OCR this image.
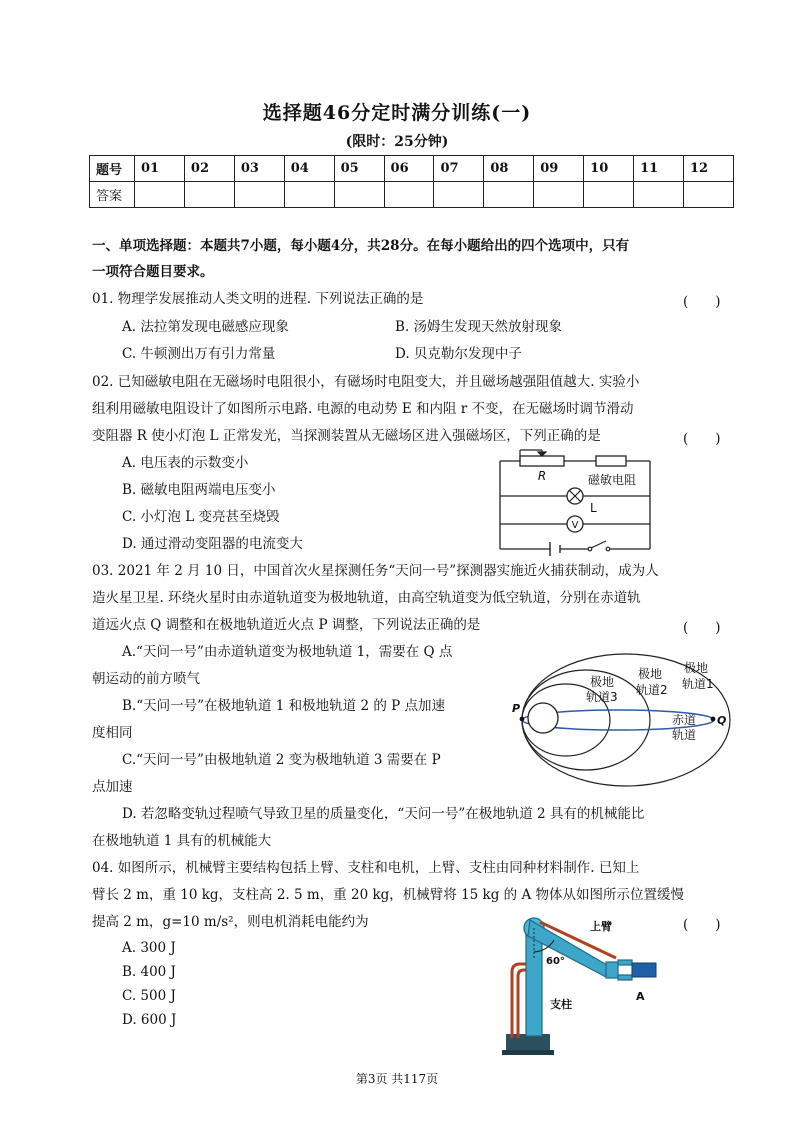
选择题46分定时满分训练(一)
(限时：25分钟)
题号	01	02	03	04	05	06	07	08	09	10	11	12
答案												
一、单项选择题：本题共7小题，每小题4分，共28分。在每小题给出的四个选项中，只有
一项符合题目要求。
01. 物理学发展推动人类文明的进程. 下列说法正确的是	(　　)
A. 法拉第发现电磁感应现象	B. 汤姆生发现天然放射现象
C. 牛顿测出万有引力常量	D. 贝克勒尔发现中子
02. 已知磁敏电阻在无磁场时电阻很小，有磁场时电阻变大，并且磁场越强阻值越大. 实验小
组利用磁敏电阻设计了如图所示电路. 电源的电动势 E 和内阻 r 不变，在无磁场时调节滑动
变阻器 R 使小灯泡 L 正常发光，当探测装置从无磁场区进入强磁场区，下列正确的是	(　　)
A. 电压表的示数变小
B. 磁敏电阻两端电压变小
C. 小灯泡 L 变亮甚至烧毁
D. 通过滑动变阻器的电流变大
V
R	磁敏电阻
L
03. 2021 年 2 月 10 日，中国首次火星探测任务“天问一号”探测器实施近火捕获制动，成为人
造火星卫星. 环绕火星时由赤道轨道变为极地轨道，由高空轨道变为低空轨道，分别在赤道轨
道远火点 Q 调整和在极地轨道近火点 P 调整，下列说法正确的是	(　　)
A.“天问一号”由赤道轨道变为极地轨道 1，需要在 Q 点
朝运动的前方喷气
B.“天问一号”在极地轨道 1 和极地轨道 2 的 P 点加速
度相同
C.“天问一号”由极地轨道 2 变为极地轨道 3 需要在 P
点加速
D. 若忽略变轨过程喷气导致卫星的质量变化，“天问一号”在极地轨道 2 具有的机械能比
在极地轨道 1 具有的机械能大
P
Q
极地
轨道3
极地
轨道2
极地
轨道1
赤道
轨道
04. 如图所示，机械臂主要结构包括上臂、支柱和电机，上臂、支柱由同种材料制作. 已知上
臂长 2 m，重 10 kg，支柱高 2. 5 m，重 20 kg，机械臂将 15 kg 的 A 物体从如图所示位置缓慢
提高 2 m，g=10 m/s²，则电机消耗电能约为	(　　)
A. 300 J
B. 400 J
C. 500 J
D. 600 J
上臂
60°
支柱
A
第3页 共117页
